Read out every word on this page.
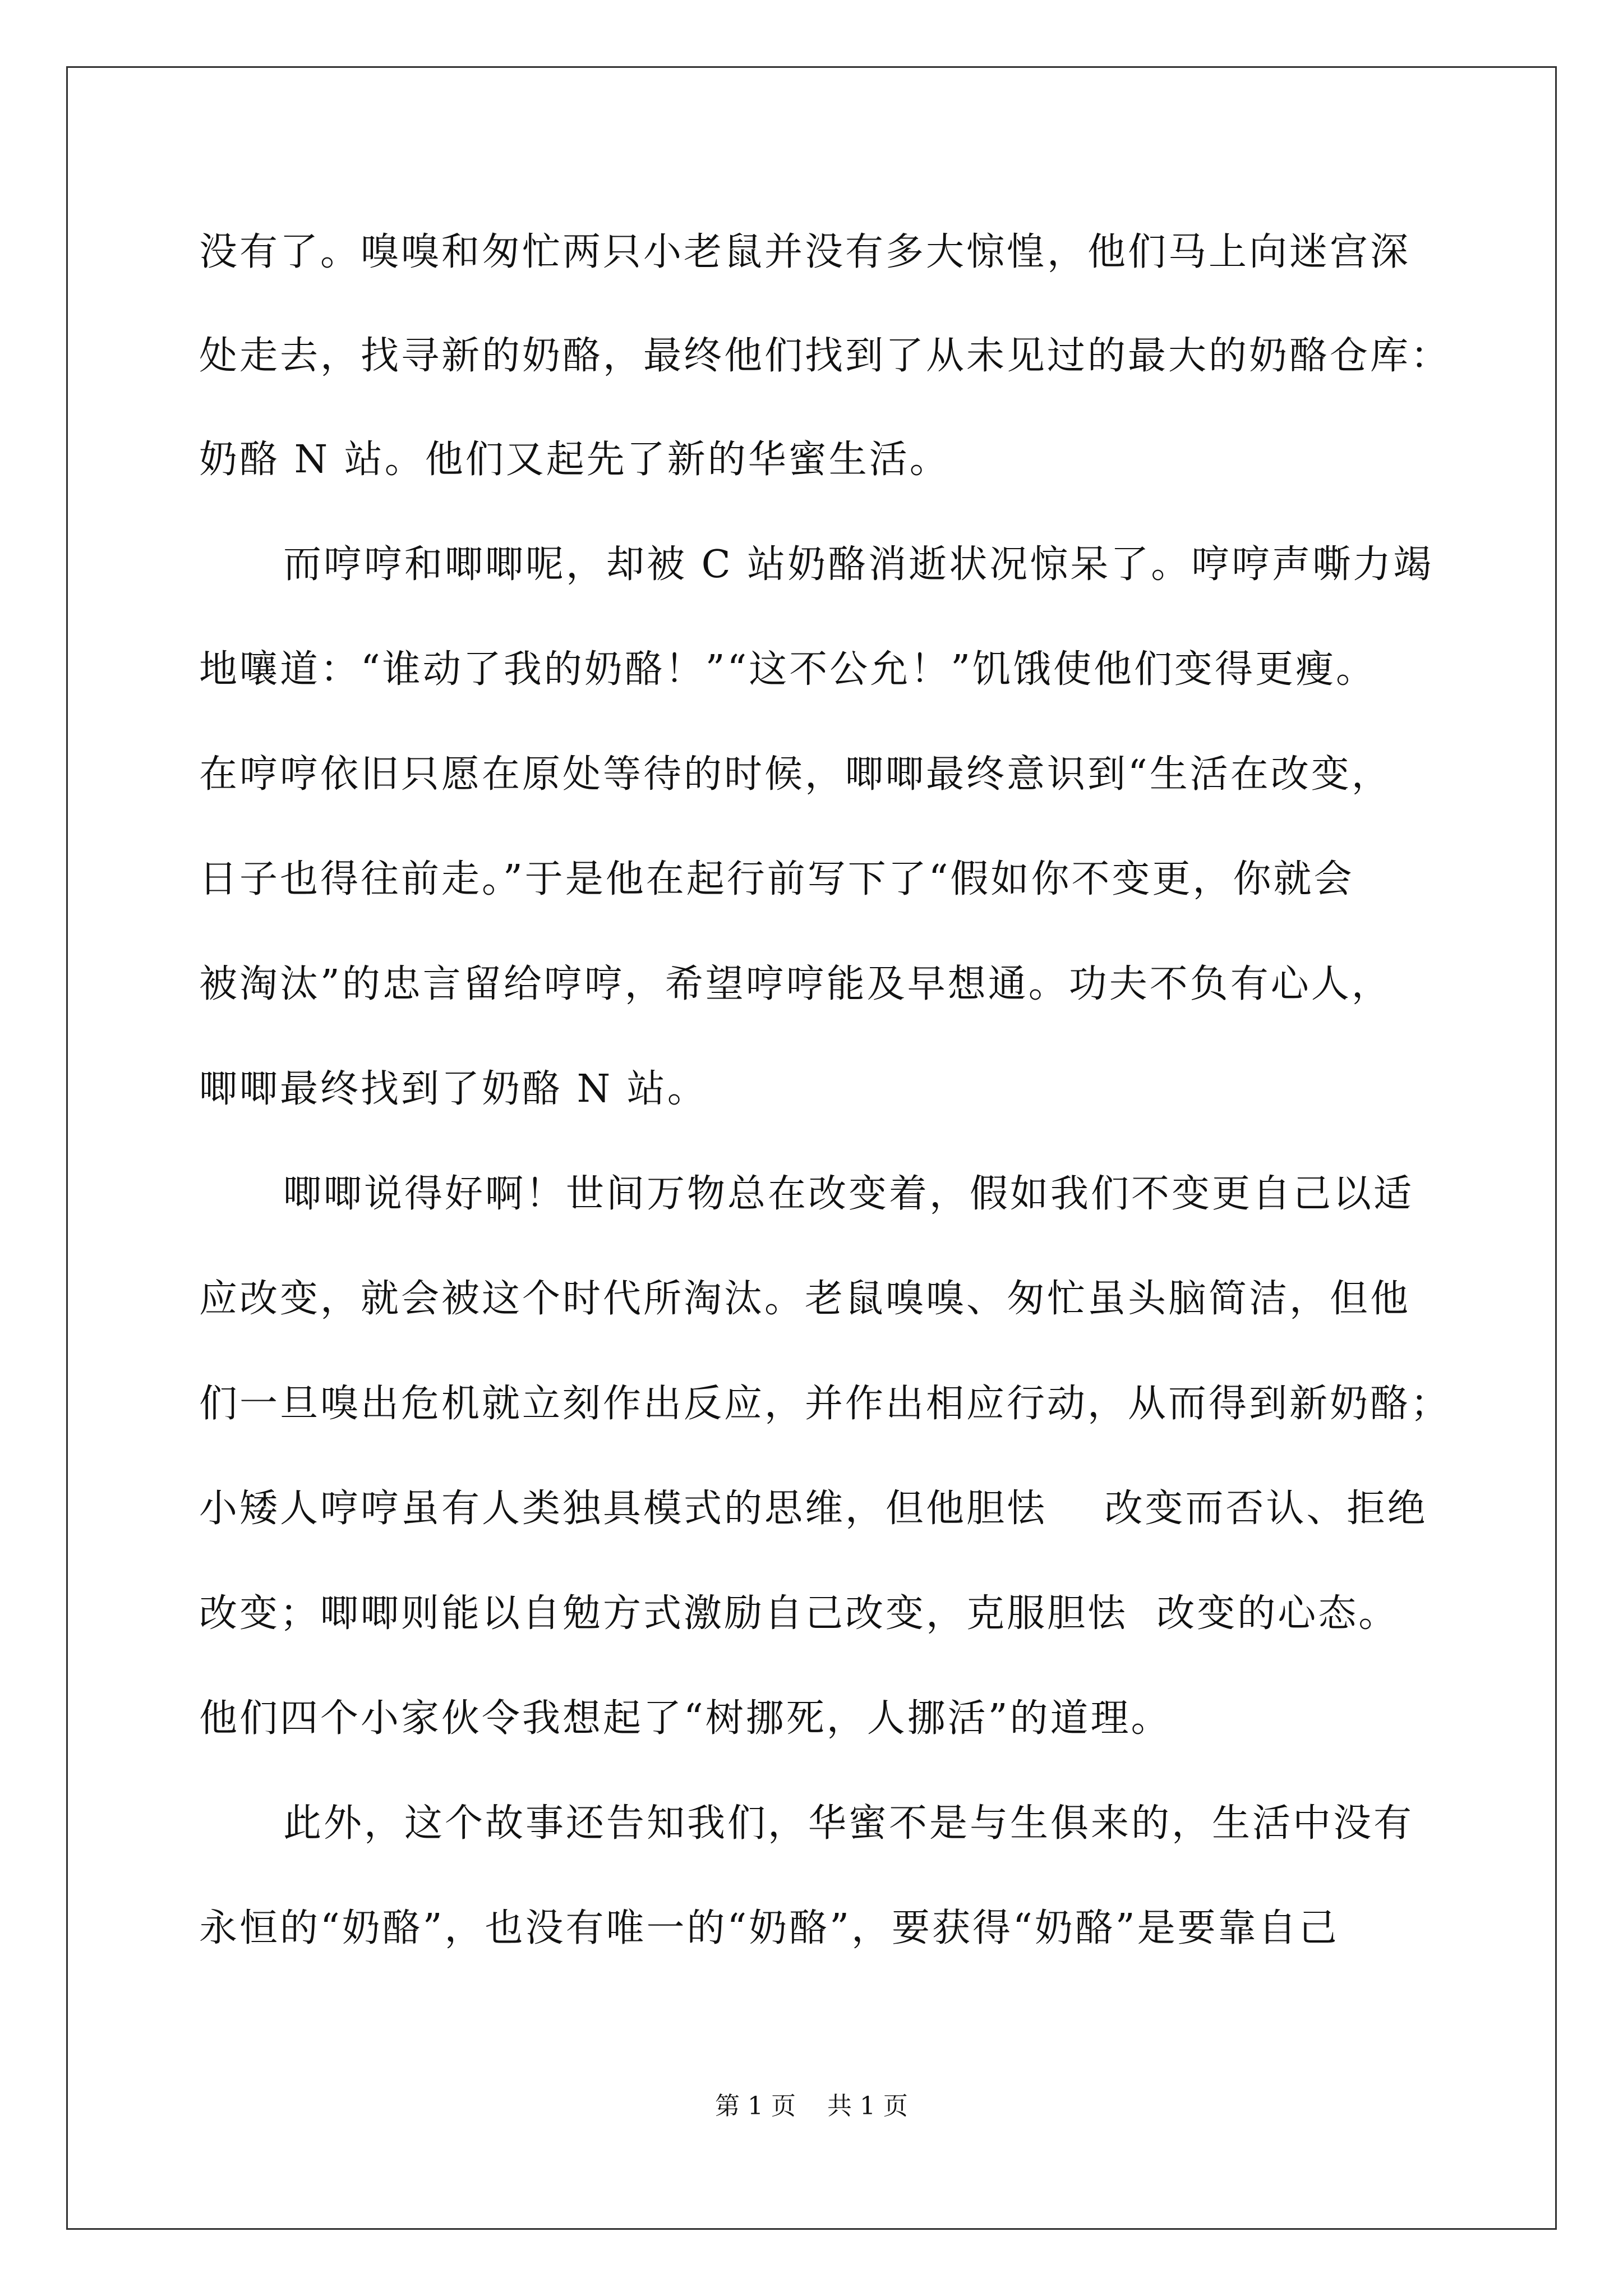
没有了。嗅嗅和匆忙两只小老鼠并没有多大惊惶，他们马上向迷宫深
处走去，找寻新的奶酪，最终他们找到了从未见过的最大的奶酪仓库：
奶酪 N 站。他们又起先了新的华蜜生活。
而哼哼和唧唧呢，却被 C 站奶酪消逝状况惊呆了。哼哼声嘶力竭
地嚷道：“谁动了我的奶酪！”“这不公允！”饥饿使他们变得更瘦。
在哼哼依旧只愿在原处等待的时候，唧唧最终意识到“生活在改变，
日子也得往前走。”于是他在起行前写下了“假如你不变更，你就会
被淘汰”的忠言留给哼哼，希望哼哼能及早想通。功夫不负有心人，
唧唧最终找到了奶酪 N 站。
唧唧说得好啊！世间万物总在改变着，假如我们不变更自己以适
应改变，就会被这个时代所淘汰。老鼠嗅嗅、匆忙虽头脑简洁，但他
们一旦嗅出危机就立刻作出反应，并作出相应行动，从而得到新奶酪；
小矮人哼哼虽有人类独具模式的思维，但他胆怯    改变而否认、拒绝
改变；唧唧则能以自勉方式激励自己改变，克服胆怯  改变的心态。
他们四个小家伙令我想起了“树挪死，人挪活”的道理。
此外，这个故事还告知我们，华蜜不是与生俱来的，生活中没有
永恒的“奶酪”，也没有唯一的“奶酪”，要获得“奶酪”是要靠自己
第 1 页    共 1 页
